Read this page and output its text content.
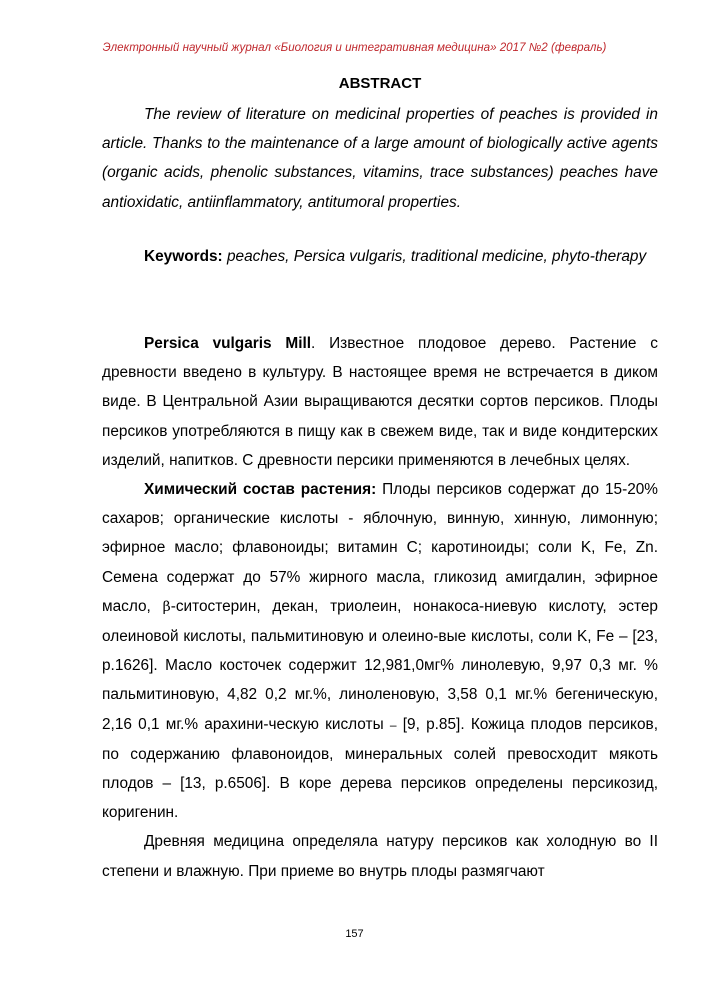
Электронный научный журнал «Биология и интегративная медицина» 2017 №2 (февраль)
ABSTRACT

The review of literature on medicinal properties of peaches is provided in article. Thanks to the maintenance of a large amount of biologically active agents (organic acids, phenolic substances, vitamins, trace substances) peaches have antioxidatic, antiinflammatory, antitumoral properties.

Keywords: peaches, Persica vulgaris, traditional medicine, phyto-therapy

Persica vulgaris Mill. Известное плодовое дерево. Растение с древности введено в культуру. В настоящее время не встречается в диком виде. В Центральной Азии выращиваются десятки сортов персиков. Плоды персиков употребляются в пищу как в свежем виде, так и виде кондитерских изделий, напитков. С древности персики применяются в лечебных целях.

Химический состав растения: Плоды персиков содержат до 15-20% сахаров; органические кислоты - яблочную, винную, хинную, лимонную; эфирное масло; флавоноиды; витамин С; каротиноиды; соли K, Fe, Zn. Семена содержат до 57% жирного масла, гликозид амигдалин, эфирное масло, β-ситостерин, декан, триолеин, нонакоса-ниевую кислоту, эстер олеиновой кислоты, пальмитиновую и олеино-вые кислоты, соли K, Fe – [23, р.1626]. Масло косточек содержит 12,981,0мг% линолевую, 9,97 0,3 мг. % пальмитиновую, 4,82 0,2 мг.%, линоленовую, 3,58 0,1 мг.% бегеническую, 2,16 0,1 мг.% арахини-ческую кислоты – [9, р.85]. Кожица плодов персиков, по содержанию флавоноидов, минеральных солей превосходит мякоть плодов – [13, р.6506]. В коре дерева персиков определены персикозид, коригенин.

Древняя медицина определяла натуру персиков как холодную во II степени и влажную. При приеме во внутрь плоды размягчают

157
